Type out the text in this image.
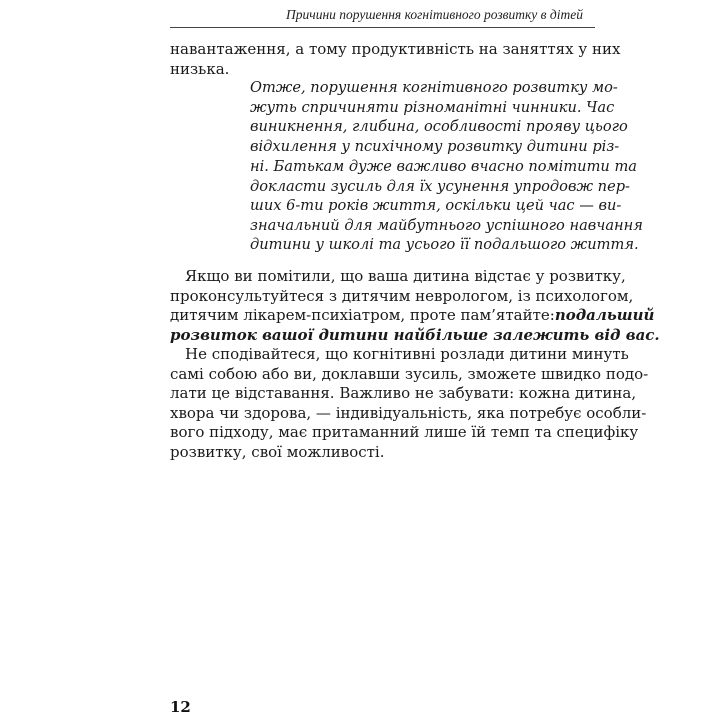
Причини порушення когнітивного розвитку в дітей
навантаження, а тому продуктивність на заняттях у них
низька.
Отже, порушення когнітивного розвитку мо-
жуть спричиняти різноманітні чинники. Час
виникнення, глибина, особливості прояву цього
відхилення у психічному розвитку дитини різ-
ні. Батькам дуже важливо вчасно помітити та
докласти зусиль для їх усунення упродовж пер-
ших 6-ти років життя, оскільки цей час — ви-
значальний для майбутнього успішного навчання
дитини у школі та усього її подальшого життя.
Якщо ви помітили, що ваша дитина відстає у розвитку,
проконсультуйтеся з дитячим неврологом, із психологом,
дитячим лікарем-психіатром, проте пам’ятайте: подальший
розвиток вашої дитини найбільше залежить від вас.
Не сподівайтеся, що когнітивні розлади дитини минуть
самі собою або ви, доклавши зусиль, зможете швидко подо-
лати це відставання. Важливо не забувати: кожна дитина,
хвора чи здорова, — індивідуальність, яка потребує особли-
вого підходу, має притаманний лише їй темп та специфіку
розвитку, свої можливості.
12
